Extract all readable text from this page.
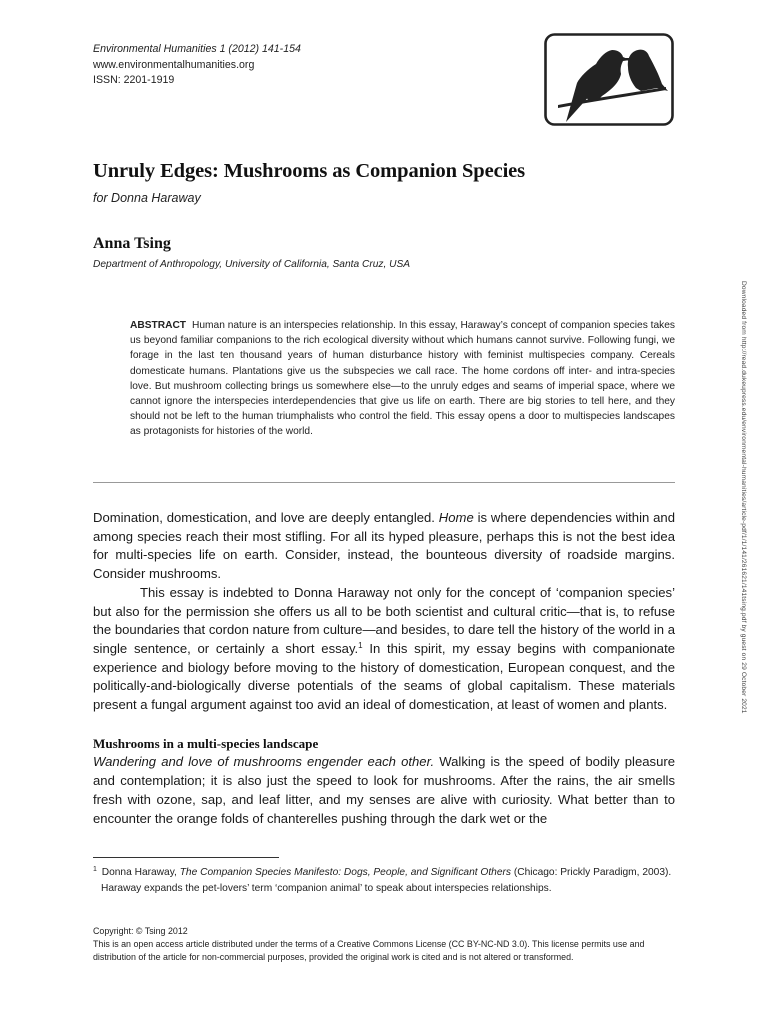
Environmental Humanities 1 (2012) 141-154
www.environmentalhumanities.org
ISSN: 2201-1919
Unruly Edges: Mushrooms as Companion Species
for Donna Haraway
Anna Tsing
Department of Anthropology, University of California, Santa Cruz, USA
ABSTRACT Human nature is an interspecies relationship. In this essay, Haraway’s concept of companion species takes us beyond familiar companions to the rich ecological diversity without which humans cannot survive. Following fungi, we forage in the last ten thousand years of human disturbance history with feminist multispecies company. Cereals domesticate humans. Plantations give us the subspecies we call race. The home cordons off inter- and intra-species love. But mushroom collecting brings us somewhere else—to the unruly edges and seams of imperial space, where we cannot ignore the interspecies interdependencies that give us life on earth. There are big stories to tell here, and they should not be left to the human triumphalists who control the field. This essay opens a door to multispecies landscapes as protagonists for histories of the world.

Domination, domestication, and love are deeply entangled. Home is where dependencies within and among species reach their most stifling. For all its hyped pleasure, perhaps this is not the best idea for multi-species life on earth. Consider, instead, the bounteous diversity of roadside margins. Consider mushrooms.

This essay is indebted to Donna Haraway not only for the concept of ‘companion species’ but also for the permission she offers us all to be both scientist and cultural critic—that is, to refuse the boundaries that cordon nature from culture—and besides, to dare tell the history of the world in a single sentence, or certainly a short essay.$^1$ In this spirit, my essay begins with companionate experience and biology before moving to the history of domestication, European conquest, and the politically-and-biologically diverse potentials of the seams of global capitalism. These materials present a fungal argument against too avid an ideal of domestication, at least of women and plants.

Mushrooms in a multi-species landscape

Wandering and love of mushrooms engender each other. Walking is the speed of bodily pleasure and contemplation; it is also just the speed to look for mushrooms. After the rains, the air smells fresh with ozone, sap, and leaf litter, and my senses are alive with curiosity. What better than to encounter the orange folds of chanterelles pushing through the dark wet or the

$^1$ Donna Haraway, The Companion Species Manifesto: Dogs, People, and Significant Others (Chicago: Prickly Paradigm, 2003). Haraway expands the pet-lovers’ term ‘companion animal’ to speak about interspecies relationships.
Copyright: © Tsing 2012
This is an open access article distributed under the terms of a Creative Commons License (CC BY-NC-ND 3.0). This license permits use and distribution of the article for non-commercial purposes, provided the original work is cited and is not altered or transformed.
Downloaded from http://read.dukeupress.edu/environmental-humanities/article-pdf/1/1/141/261621/141tsing.pdf by guest on 29 October 2021
